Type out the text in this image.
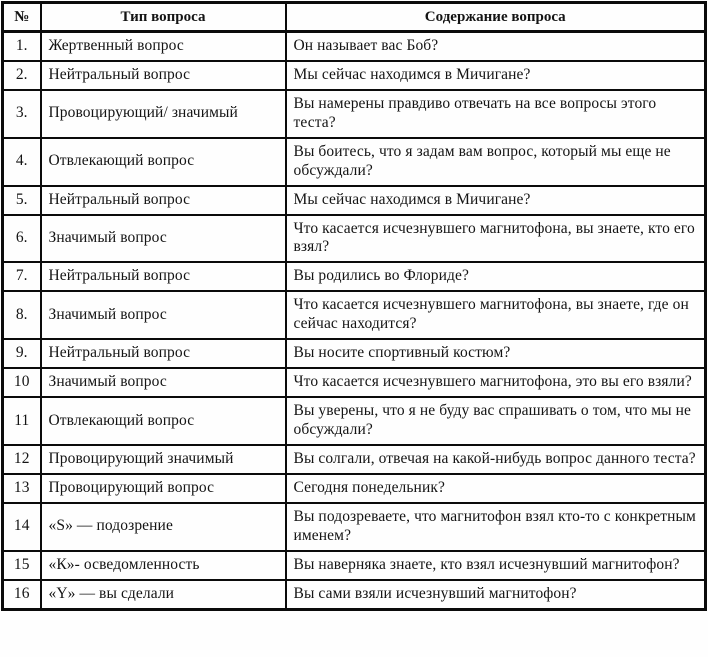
№	Тип вопроса	Содержание вопроса
1.	Жертвенный вопрос	Он называет вас Боб?
2.	Нейтральный вопрос	Мы сейчас находимся в Мичигане?
3.	Провоцирующий/ значимый	Вы намерены правдиво отвечать на все вопросы этого теста?
4.	Отвлекающий вопрос	Вы боитесь, что я задам вам вопрос, который мы еще не обсуждали?
5.	Нейтральный вопрос	Мы сейчас находимся в Мичигане?
6.	Значимый вопрос	Что касается исчезнувшего магнитофона, вы знаете, кто его взял?
7.	Нейтральный вопрос	Вы родились во Флориде?
8.	Значимый вопрос	Что касается исчезнувшего магнитофона, вы знаете, где он сейчас находится?
9.	Нейтральный вопрос	Вы носите спортивный костюм?
10	Значимый вопрос	Что касается исчезнувшего магнитофона, это вы его взяли?
11	Отвлекающий вопрос	Вы уверены, что я не буду вас спрашивать о том, что мы не обсуждали?
12	Провоцирующий значимый	Вы солгали, отвечая на какой-нибудь вопрос данного теста?
13	Провоцирующий вопрос	Сегодня понедельник?
14	«S» — подозрение	Вы подозреваете, что магнитофон взял кто-то с конкретным именем?
15	«К»- осведомленность	Вы наверняка знаете, кто взял исчезнувший магнитофон?
16	«Y» — вы сделали	Вы сами взяли исчезнувший магнитофон?
